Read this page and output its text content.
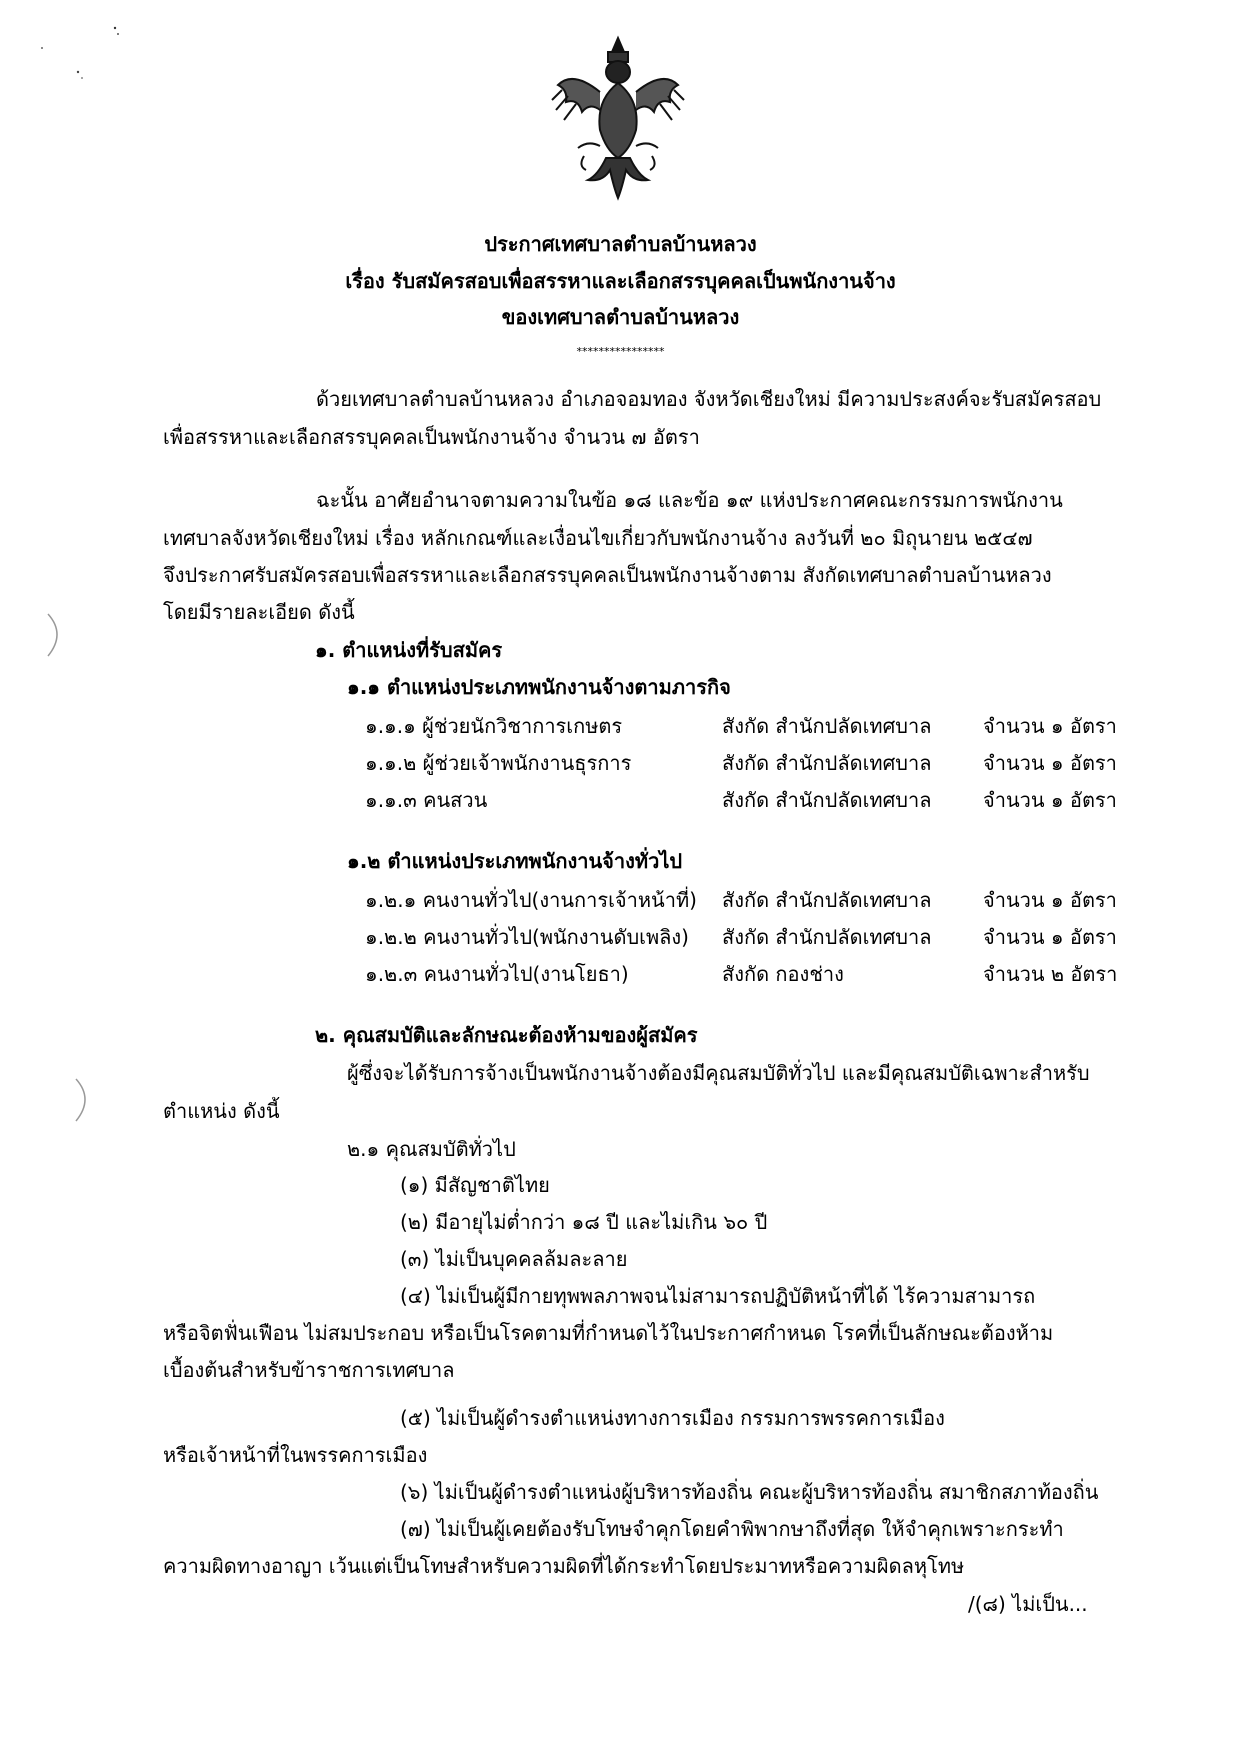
ประกาศเทศบาลตำบลบ้านหลวง
เรื่อง รับสมัครสอบเพื่อสรรหาและเลือกสรรบุคคลเป็นพนักงานจ้าง
ของเทศบาลตำบลบ้านหลวง
****************
ด้วยเทศบาลตำบลบ้านหลวง อำเภอจอมทอง จังหวัดเชียงใหม่ มีความประสงค์จะรับสมัครสอบ
เพื่อสรรหาและเลือกสรรบุคคลเป็นพนักงานจ้าง จำนวน ๗ อัตรา
ฉะนั้น อาศัยอำนาจตามความในข้อ ๑๘ และข้อ ๑๙ แห่งประกาศคณะกรรมการพนักงาน
เทศบาลจังหวัดเชียงใหม่ เรื่อง หลักเกณฑ์และเงื่อนไขเกี่ยวกับพนักงานจ้าง ลงวันที่ ๒๐ มิถุนายน ๒๕๔๗
จึงประกาศรับสมัครสอบเพื่อสรรหาและเลือกสรรบุคคลเป็นพนักงานจ้างตาม สังกัดเทศบาลตำบลบ้านหลวง
โดยมีรายละเอียด ดังนี้
๑. ตำแหน่งที่รับสมัคร
๑.๑ ตำแหน่งประเภทพนักงานจ้างตามภารกิจ
๑.๑.๑ ผู้ช่วยนักวิชาการเกษตร	สังกัด สำนักปลัดเทศบาล	จำนวน ๑ อัตรา
๑.๑.๒ ผู้ช่วยเจ้าพนักงานธุรการ	สังกัด สำนักปลัดเทศบาล	จำนวน ๑ อัตรา
๑.๑.๓ คนสวน	สังกัด สำนักปลัดเทศบาล	จำนวน ๑ อัตรา
๑.๒ ตำแหน่งประเภทพนักงานจ้างทั่วไป
๑.๒.๑ คนงานทั่วไป(งานการเจ้าหน้าที่) สังกัด สำนักปลัดเทศบาล	จำนวน ๑ อัตรา
๑.๒.๒ คนงานทั่วไป(พนักงานดับเพลิง) สังกัด สำนักปลัดเทศบาล	จำนวน ๑ อัตรา
๑.๒.๓ คนงานทั่วไป(งานโยธา)	สังกัด กองช่าง	จำนวน ๒ อัตรา
๒. คุณสมบัติและลักษณะต้องห้ามของผู้สมัคร
ผู้ซึ่งจะได้รับการจ้างเป็นพนักงานจ้างต้องมีคุณสมบัติทั่วไป และมีคุณสมบัติเฉพาะสำหรับ
ตำแหน่ง ดังนี้
๒.๑ คุณสมบัติทั่วไป
(๑) มีสัญชาติไทย
(๒) มีอายุไม่ต่ำกว่า ๑๘ ปี และไม่เกิน ๖๐ ปี
(๓) ไม่เป็นบุคคลล้มละลาย
(๔) ไม่เป็นผู้มีกายทุพพลภาพจนไม่สามารถปฏิบัติหน้าที่ได้ ไร้ความสามารถ
หรือจิตฟั่นเฟือน ไม่สมประกอบ หรือเป็นโรคตามที่กำหนดไว้ในประกาศกำหนด โรคที่เป็นลักษณะต้องห้าม
เบื้องต้นสำหรับข้าราชการเทศบาล
(๕) ไม่เป็นผู้ดำรงตำแหน่งทางการเมือง กรรมการพรรคการเมือง
หรือเจ้าหน้าที่ในพรรคการเมือง
(๖) ไม่เป็นผู้ดำรงตำแหน่งผู้บริหารท้องถิ่น คณะผู้บริหารท้องถิ่น สมาชิกสภาท้องถิ่น
(๗) ไม่เป็นผู้เคยต้องรับโทษจำคุกโดยคำพิพากษาถึงที่สุด ให้จำคุกเพราะกระทำ
ความผิดทางอาญา เว้นแต่เป็นโทษสำหรับความผิดที่ได้กระทำโดยประมาทหรือความผิดลหุโทษ
/(๘) ไม่เป็น...
